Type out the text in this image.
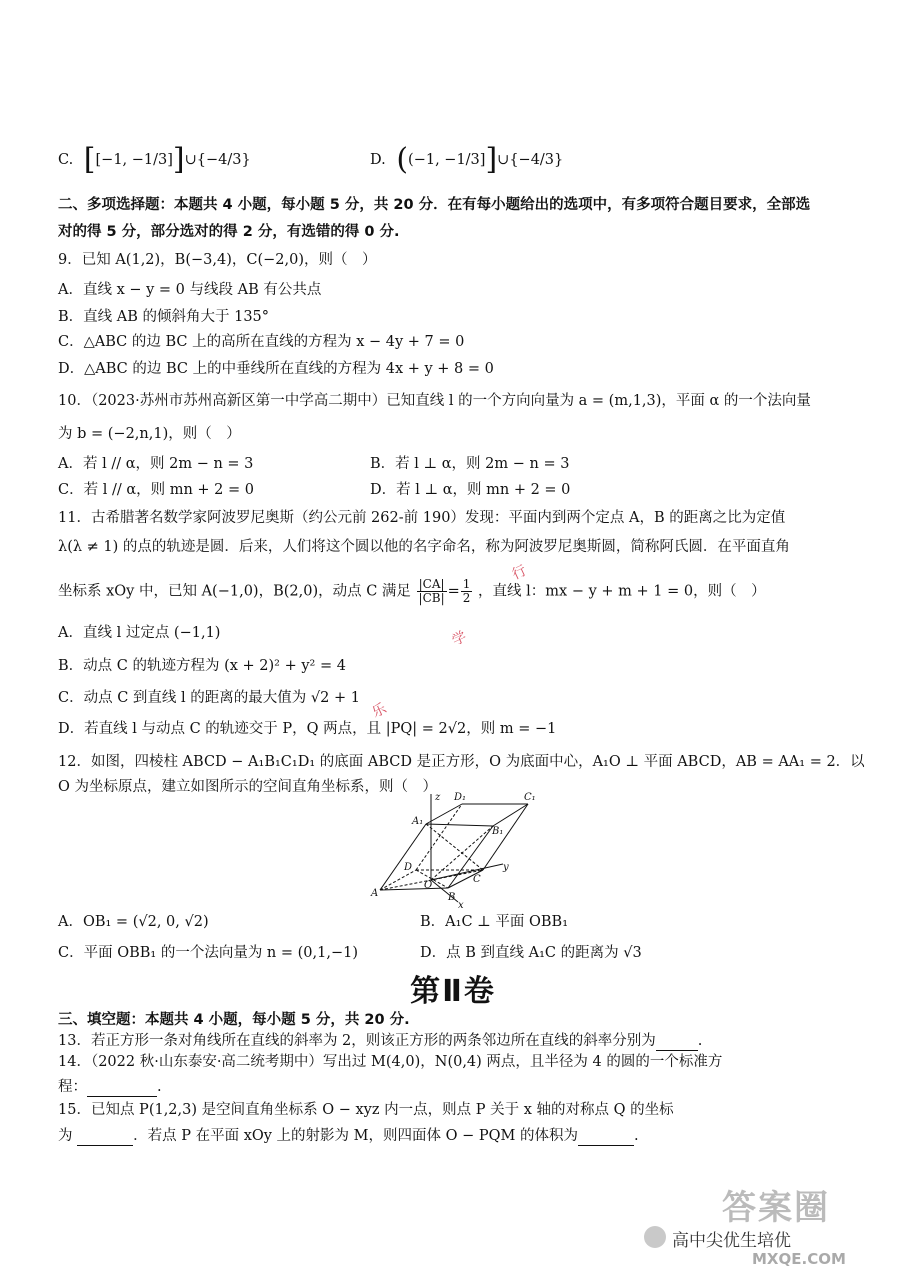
C. [[−1, −1/3]]∪{−4/3}	D. ((−1, −1/3]]∪{−4/3}
二、多项选择题：本题共 4 小题，每小题 5 分，共 20 分．在有每小题给出的选项中，有多项符合题目要求，全部选
对的得 5 分，部分选对的得 2 分，有选错的得 0 分.
9．已知 A(1,2)，B(−3,4)，C(−2,0)，则（　）
A．直线 x − y = 0 与线段 AB 有公共点
B．直线 AB 的倾斜角大于 135°
C．△ABC 的边 BC 上的高所在直线的方程为 x − 4y + 7 = 0
D．△ABC 的边 BC 上的中垂线所在直线的方程为 4x + y + 8 = 0
10．（2023·苏州市苏州高新区第一中学高二期中）已知直线 l 的一个方向向量为 a = (m,1,3)，平面 α 的一个法向量
为 b = (−2,n,1)，则（　）
A．若 l // α，则 2m − n = 3	B．若 l ⊥ α，则 2m − n = 3
C．若 l // α，则 mn + 2 = 0	D．若 l ⊥ α，则 mn + 2 = 0
11．古希腊著名数学家阿波罗尼奥斯（约公元前 262-前 190）发现：平面内到两个定点 A，B 的距离之比为定值
λ(λ ≠ 1) 的点的轨迹是圆．后来，人们将这个圆以他的名字命名，称为阿波罗尼奥斯圆，简称阿氏圆．在平面直角
坐标系 xOy 中，已知 A(−1,0)，B(2,0)，动点 C 满足 $\frac{|CA|}{|CB|} = \frac{1}{2}$ ，直线 l：mx − y + m + 1 = 0，则（　）
A．直线 l 过定点 (−1,1)
B．动点 C 的轨迹方程为 (x + 2)² + y² = 4
C．动点 C 到直线 l 的距离的最大值为 √2 + 1
D．若直线 l 与动点 C 的轨迹交于 P，Q 两点，且 |PQ| = 2√2，则 m = −1
12．如图，四棱柱 ABCD − A₁B₁C₁D₁ 的底面 ABCD 是正方形，O 为底面中心，A₁O ⊥ 平面 ABCD，AB = AA₁ = 2．以
O 为坐标原点，建立如图所示的空间直角坐标系，则（　）
z D₁	C₁
A₁
B₁
D
O
y
C
A	B
x
A．OB₁ = (√2, 0, √2)	B．A₁C ⊥ 平面 OBB₁
C．平面 OBB₁ 的一个法向量为 n = (0,1,−1)	D．点 B 到直线 A₁C 的距离为 √3
第Ⅱ卷
三、填空题：本题共 4 小题，每小题 5 分，共 20 分.
13．若正方形一条对角线所在直线的斜率为 2，则该正方形的两条邻边所在直线的斜率分别为	.
14．（2022 秋·山东泰安·高二统考期中）写出过 M(4,0)，N(0,4) 两点，且半径为 4 的圆的一个标准方
程：	.
15．已知点 P(1,2,3) 是空间直角坐标系 O − xyz 内一点，则点 P 关于 x 轴的对称点 Q 的坐标
为	．若点 P 在平面 xOy 上的射影为 M，则四面体 O − PQM 的体积为	.
行
学
乐
答案圈
高中尖优生培优
MXQE.COM
